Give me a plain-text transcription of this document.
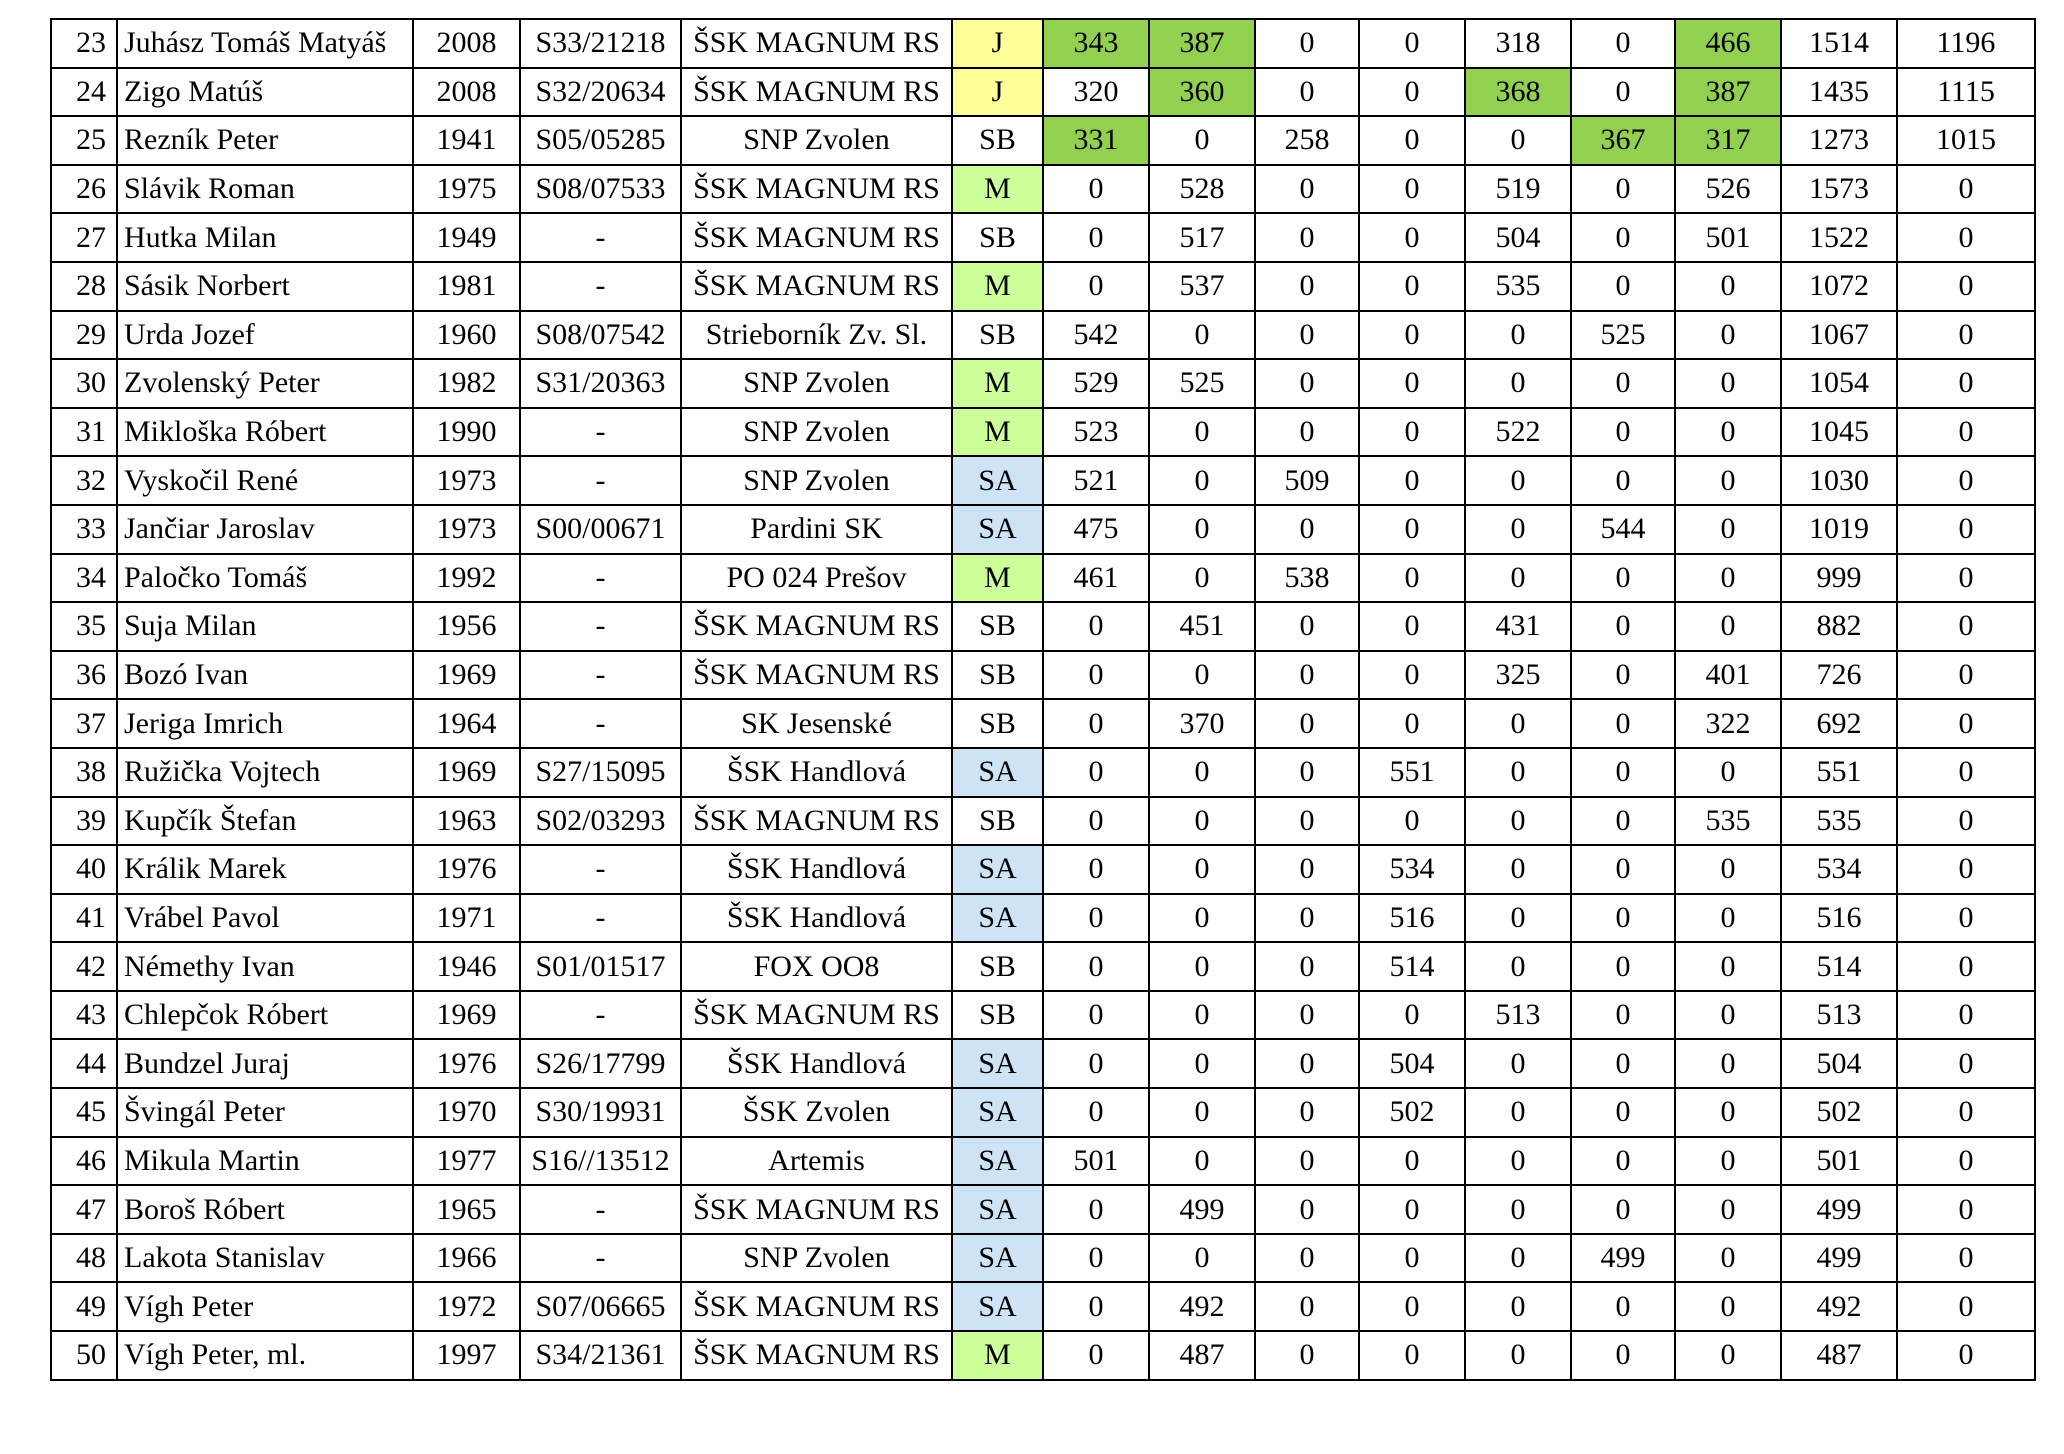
23	Juhász Tomáš Matyáš	2008	S33/21218	ŠSK MAGNUM RS	J	343	387	0	0	318	0	466	1514	1196
24	Zigo Matúš	2008	S32/20634	ŠSK MAGNUM RS	J	320	360	0	0	368	0	387	1435	1115
25	Rezník Peter	1941	S05/05285	SNP Zvolen	SB	331	0	258	0	0	367	317	1273	1015
26	Slávik Roman	1975	S08/07533	ŠSK MAGNUM RS	M	0	528	0	0	519	0	526	1573	0
27	Hutka Milan	1949	-	ŠSK MAGNUM RS	SB	0	517	0	0	504	0	501	1522	0
28	Sásik Norbert	1981	-	ŠSK MAGNUM RS	M	0	537	0	0	535	0	0	1072	0
29	Urda Jozef	1960	S08/07542	Strieborník Zv. Sl.	SB	542	0	0	0	0	525	0	1067	0
30	Zvolenský Peter	1982	S31/20363	SNP Zvolen	M	529	525	0	0	0	0	0	1054	0
31	Mikloška Róbert	1990	-	SNP Zvolen	M	523	0	0	0	522	0	0	1045	0
32	Vyskočil René	1973	-	SNP Zvolen	SA	521	0	509	0	0	0	0	1030	0
33	Jančiar Jaroslav	1973	S00/00671	Pardini SK	SA	475	0	0	0	0	544	0	1019	0
34	Paločko Tomáš	1992	-	PO 024 Prešov	M	461	0	538	0	0	0	0	999	0
35	Suja Milan	1956	-	ŠSK MAGNUM RS	SB	0	451	0	0	431	0	0	882	0
36	Bozó Ivan	1969	-	ŠSK MAGNUM RS	SB	0	0	0	0	325	0	401	726	0
37	Jeriga Imrich	1964	-	SK Jesenské	SB	0	370	0	0	0	0	322	692	0
38	Ružička Vojtech	1969	S27/15095	ŠSK Handlová	SA	0	0	0	551	0	0	0	551	0
39	Kupčík Štefan	1963	S02/03293	ŠSK MAGNUM RS	SB	0	0	0	0	0	0	535	535	0
40	Králik Marek	1976	-	ŠSK Handlová	SA	0	0	0	534	0	0	0	534	0
41	Vrábel Pavol	1971	-	ŠSK Handlová	SA	0	0	0	516	0	0	0	516	0
42	Némethy Ivan	1946	S01/01517	FOX OO8	SB	0	0	0	514	0	0	0	514	0
43	Chlepčok Róbert	1969	-	ŠSK MAGNUM RS	SB	0	0	0	0	513	0	0	513	0
44	Bundzel Juraj	1976	S26/17799	ŠSK Handlová	SA	0	0	0	504	0	0	0	504	0
45	Švingál Peter	1970	S30/19931	ŠSK Zvolen	SA	0	0	0	502	0	0	0	502	0
46	Mikula Martin	1977	S16//13512	Artemis	SA	501	0	0	0	0	0	0	501	0
47	Boroš Róbert	1965	-	ŠSK MAGNUM RS	SA	0	499	0	0	0	0	0	499	0
48	Lakota Stanislav	1966	-	SNP Zvolen	SA	0	0	0	0	0	499	0	499	0
49	Vígh Peter	1972	S07/06665	ŠSK MAGNUM RS	SA	0	492	0	0	0	0	0	492	0
50	Vígh Peter, ml.	1997	S34/21361	ŠSK MAGNUM RS	M	0	487	0	0	0	0	0	487	0
